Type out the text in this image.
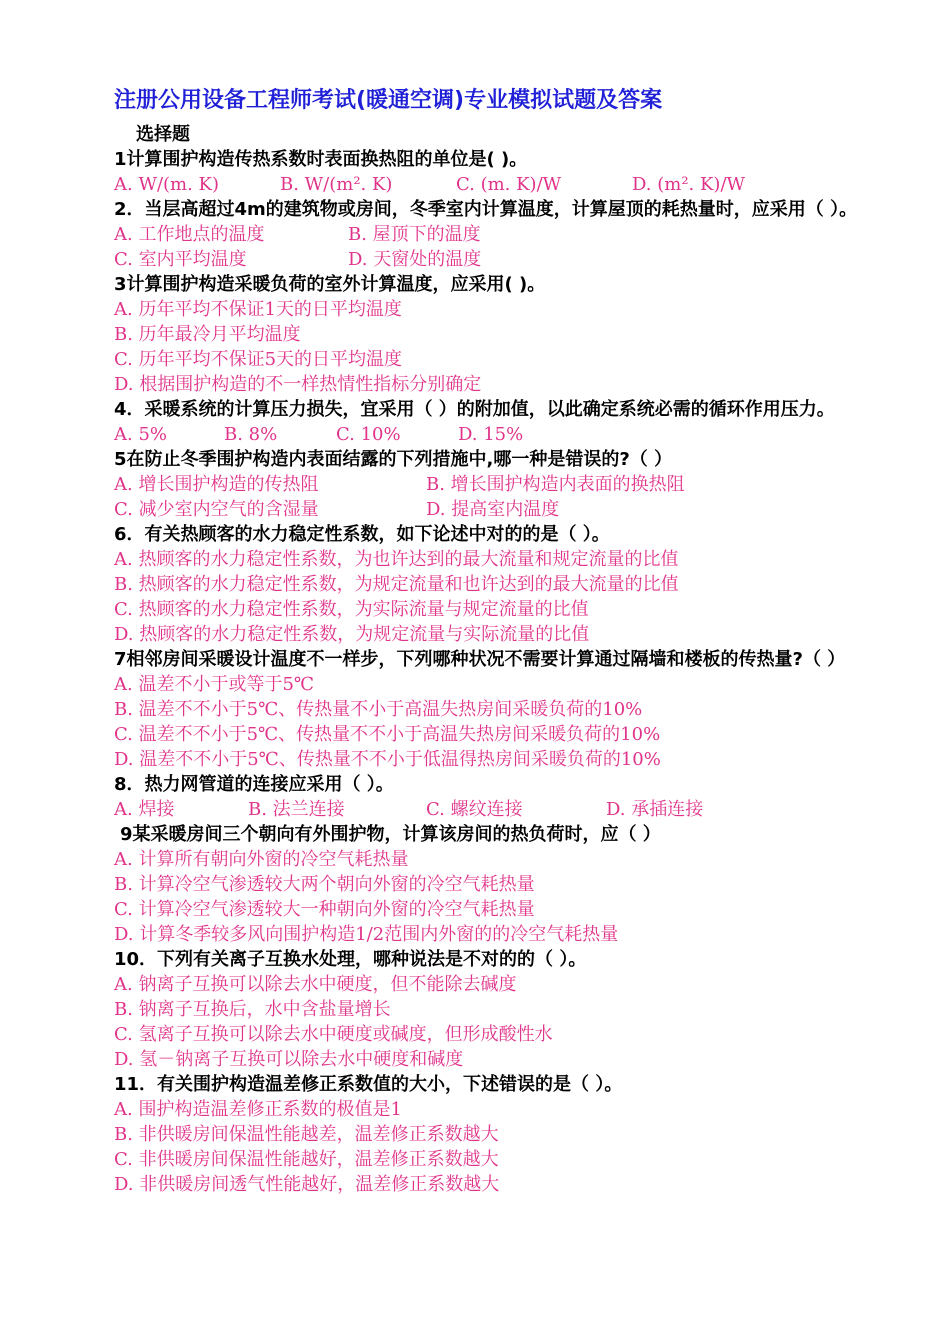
注册公用设备工程师考试(暖通空调)专业模拟试题及答案
选择题
1计算围护构造传热系数时表面换热阻的单位是( )。
A. W/(m. K)	B. W/(m². K)	C. (m. K)/W	D. (m². K)/W
2．当层高超过4m的建筑物或房间，冬季室内计算温度，计算屋顶的耗热量时，应采用（ ）。
A. 工作地点的温度	B. 屋顶下的温度
C. 室内平均温度	D. 天窗处的温度
3计算围护构造采暖负荷的室外计算温度，应采用( )。
A. 历年平均不保证1天的日平均温度
B. 历年最冷月平均温度
C. 历年平均不保证5天的日平均温度
D. 根据围护构造的不一样热情性指标分别确定
4．采暖系统的计算压力损失，宜采用（ ）的附加值，以此确定系统必需的循环作用压力。
A. 5%	B. 8%	C. 10%	D. 15%
5在防止冬季围护构造内表面结露的下列措施中,哪一种是错误的?（ ）
A. 增长围护构造的传热阻	B. 增长围护构造内表面的换热阻
C. 减少室内空气的含湿量	D. 提高室内温度
6．有关热顾客的水力稳定性系数，如下论述中对的的是（ ）。
A. 热顾客的水力稳定性系数，为也许达到的最大流量和规定流量的比值
B. 热顾客的水力稳定性系数，为规定流量和也许达到的最大流量的比值
C. 热顾客的水力稳定性系数，为实际流量与规定流量的比值
D. 热顾客的水力稳定性系数，为规定流量与实际流量的比值
7相邻房间采暖设计温度不一样步，下列哪种状况不需要计算通过隔墙和楼板的传热量?（ ）
A. 温差不小于或等于5℃
B. 温差不不小于5℃、传热量不小于高温失热房间采暖负荷的10%
C. 温差不不小于5℃、传热量不不小于高温失热房间采暖负荷的10%
D. 温差不不小于5℃、传热量不不小于低温得热房间采暖负荷的10%
8．热力网管道的连接应采用（ ）。
A. 焊接	B. 法兰连接	C. 螺纹连接	D. 承插连接
9某采暖房间三个朝向有外围护物，计算该房间的热负荷时，应（ ）
A. 计算所有朝向外窗的冷空气耗热量
B. 计算冷空气渗透较大两个朝向外窗的冷空气耗热量
C. 计算冷空气渗透较大一种朝向外窗的冷空气耗热量
D. 计算冬季较多风向围护构造1/2范围内外窗的的冷空气耗热量
10．下列有关离子互换水处理，哪种说法是不对的的（ ）。
A. 钠离子互换可以除去水中硬度，但不能除去碱度
B. 钠离子互换后，水中含盐量增长
C. 氢离子互换可以除去水中硬度或碱度，但形成酸性水
D. 氢－钠离子互换可以除去水中硬度和碱度
11．有关围护构造温差修正系数值的大小，下述错误的是（ ）。
A. 围护构造温差修正系数的极值是1
B. 非供暖房间保温性能越差，温差修正系数越大
C. 非供暖房间保温性能越好，温差修正系数越大
D. 非供暖房间透气性能越好，温差修正系数越大
